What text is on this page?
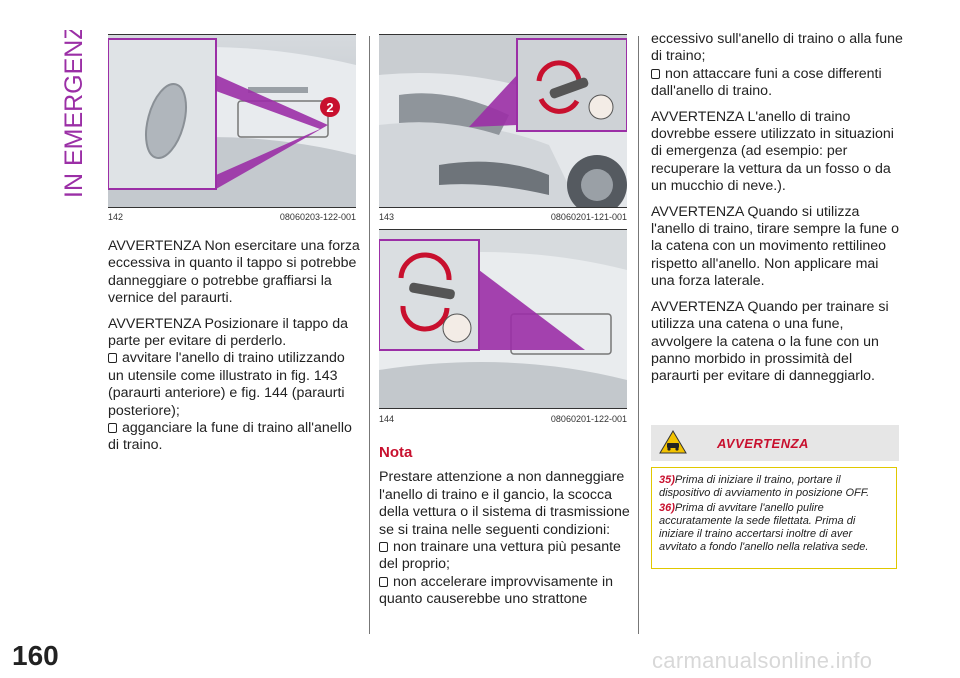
IN EMERGENZA
160
2
142	08060203-122-001	143	08060201-121-001
144	08060201-122-001

AVVERTENZA Non esercitare una forza eccessiva in quanto il tappo si potrebbe danneggiare o potrebbe graffiarsi la vernice del paraurti.

AVVERTENZA Posizionare il tappo da parte per evitare di perderlo.

avvitare l'anello di traino utilizzando un utensile come illustrato in fig. 143 (paraurti anteriore) e fig. 144 (paraurti posteriore);

agganciare la fune di traino all'anello di traino.	Nota

Prestare attenzione a non danneggiare l'anello di traino e il gancio, la scocca della vettura o il sistema di trasmissione se si traina nelle seguenti condizioni:

non trainare una vettura più pesante del proprio;

non accelerare improvvisamente in quanto causerebbe uno strattone

eccessivo sull'anello di traino o alla fune di traino;

non attaccare funi a cose differenti dall'anello di traino.

AVVERTENZA L'anello di traino dovrebbe essere utilizzato in situazioni di emergenza (ad esempio: per recuperare la vettura da un fosso o da un mucchio di neve.).

AVVERTENZA Quando si utilizza l'anello di traino, tirare sempre la fune o la catena con un movimento rettilineo rispetto all'anello. Non applicare mai una forza laterale.

AVVERTENZA Quando per trainare si utilizza una catena o una fune, avvolgere la catena o la fune con un panno morbido in prossimità del paraurti per evitare di danneggiarlo.

AVVERTENZA

35)Prima di iniziare il traino, portare il dispositivo di avviamento in posizione OFF.

36)Prima di avvitare l'anello pulire accuratamente la sede filettata. Prima di iniziare il traino accertarsi inoltre di aver avvitato a fondo l'anello nella relativa sede.

carmanualsonline.info
